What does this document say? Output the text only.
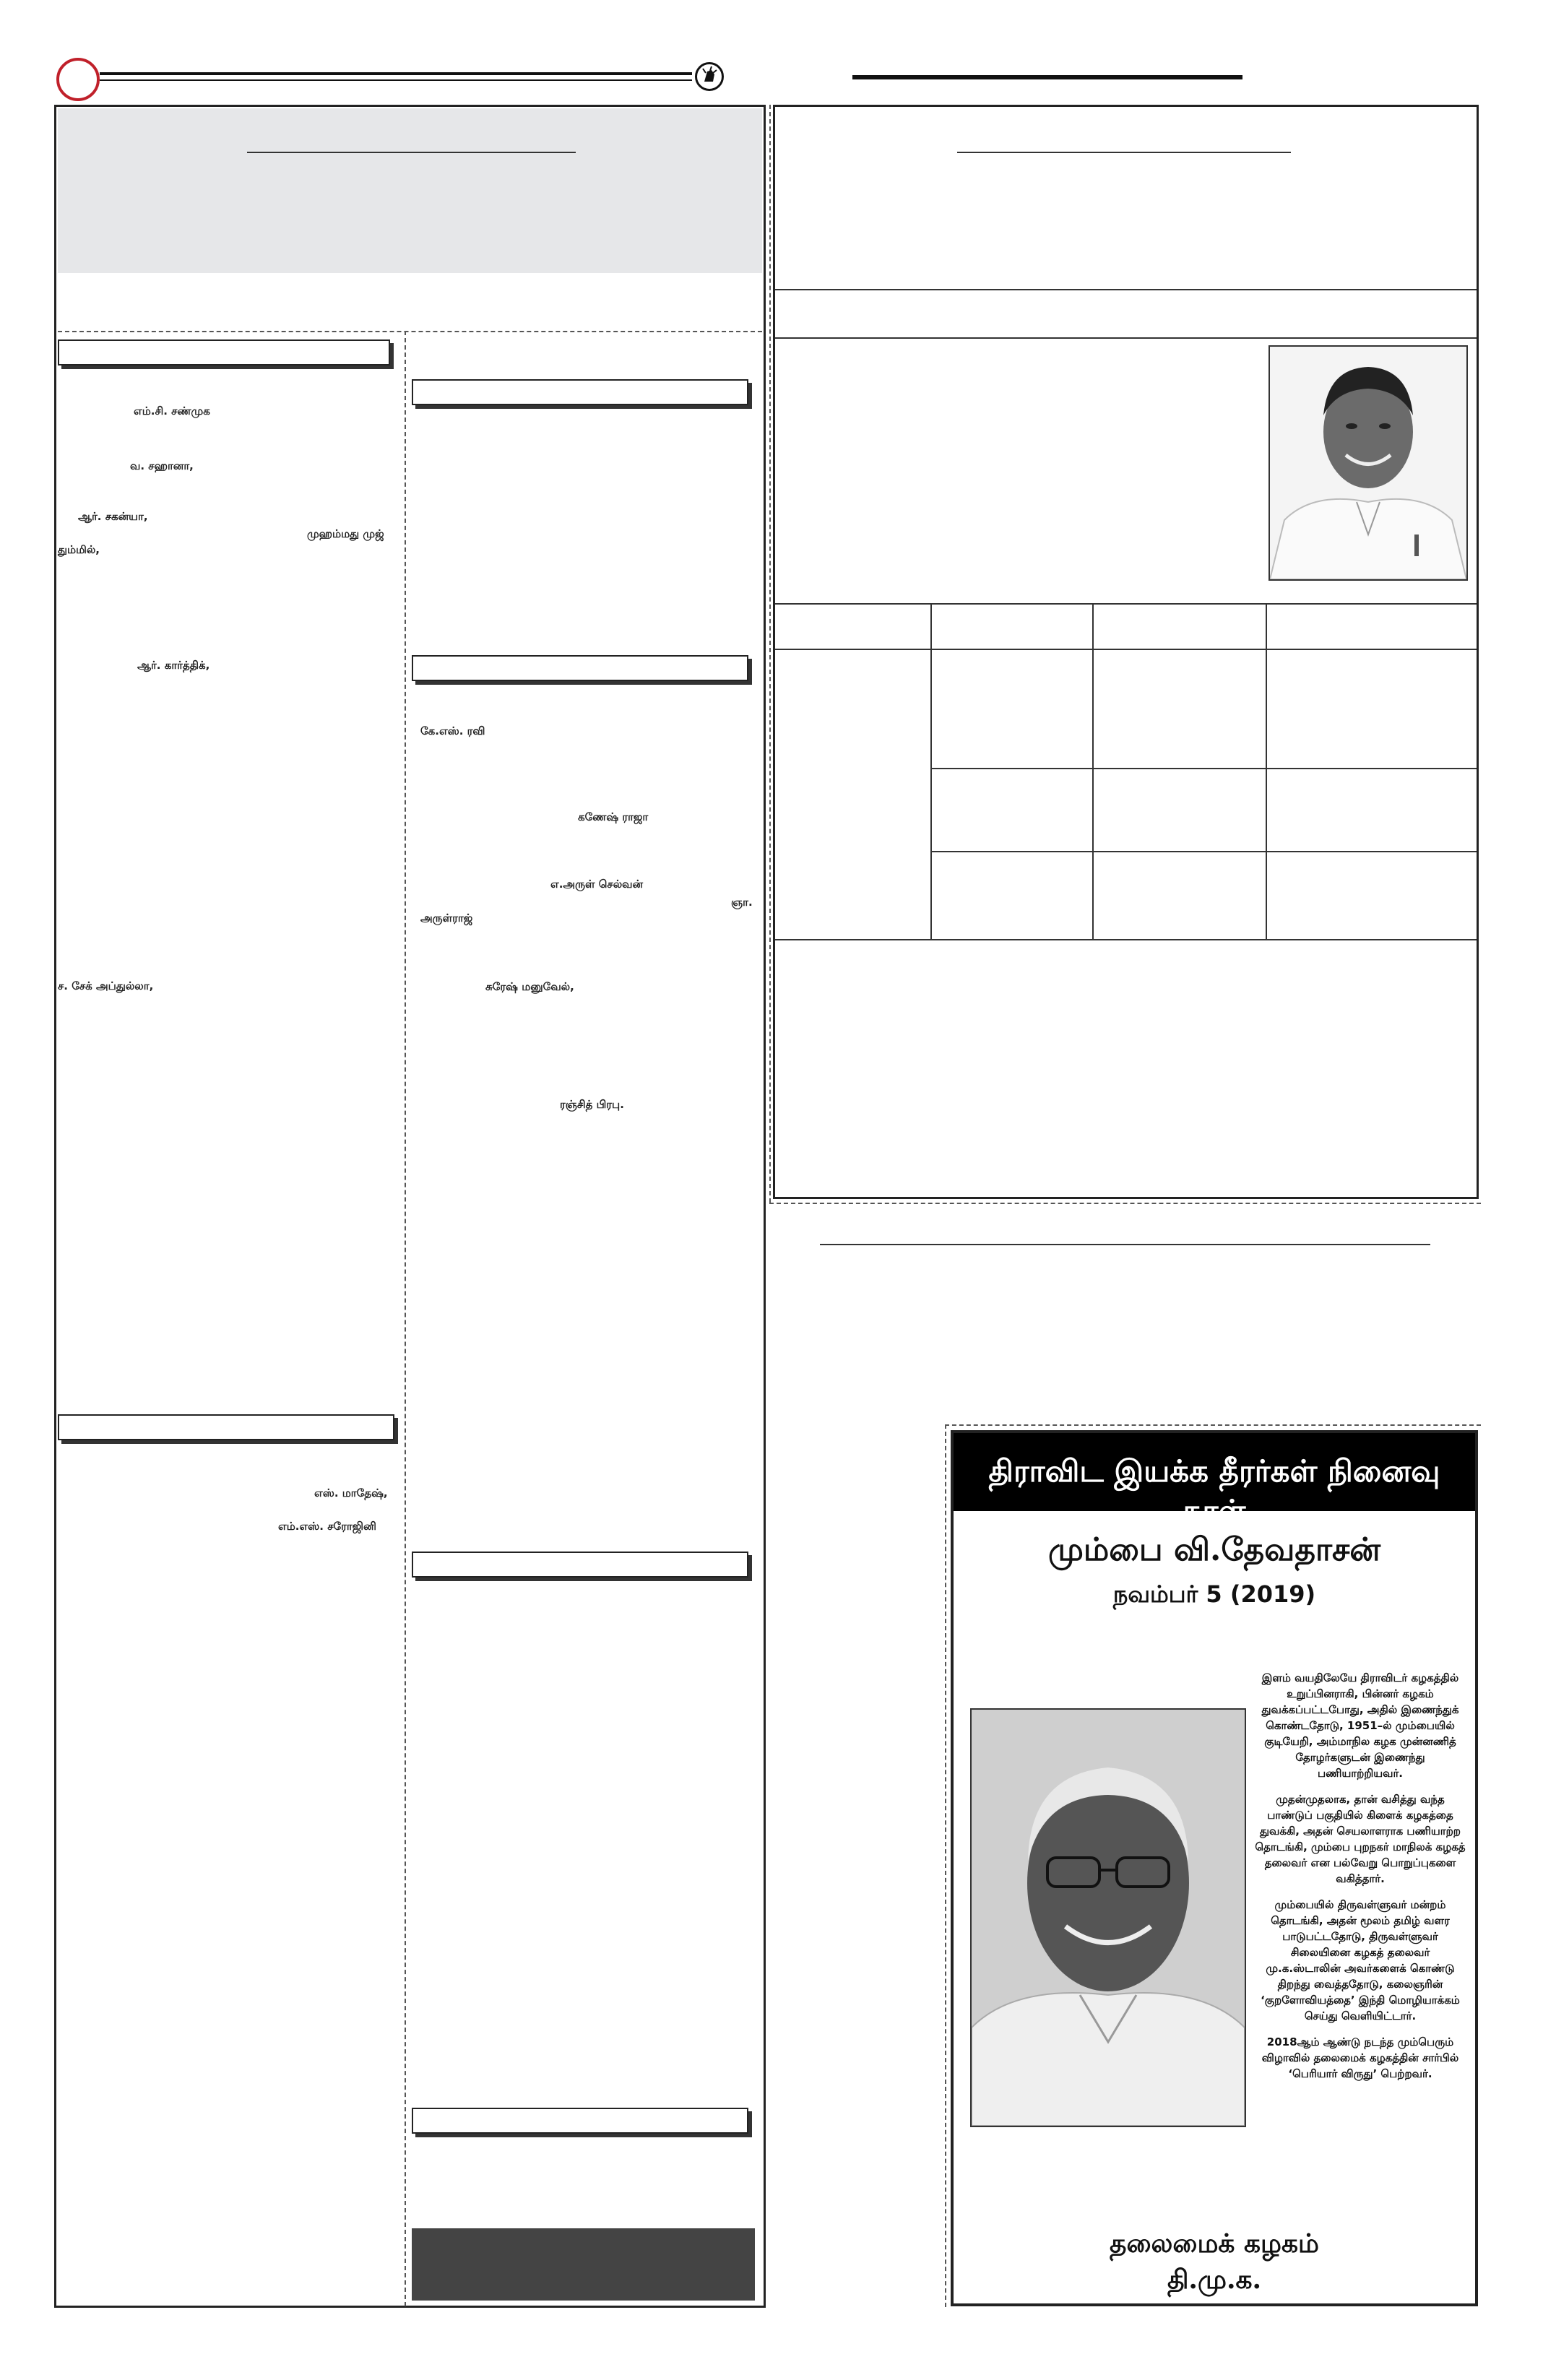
எம்.சி. சண்முக
வ. சஹானா,
ஆர். சகன்யா,
முஹம்மது முஜ்
தும்மில்,
ஆர். கார்த்திக்,
ச. சேக் அப்துல்லா,
எஸ். மாதேஷ்,
எம்.எஸ். சரோஜினி
கே.எஸ். ரவி
கணேஷ் ராஜா
எ.அருள் செல்வன்
ஞா.
அருள்ராஜ்
சுரேஷ் மனுவேல்,
ரஞ்சித் பிரபு.
திராவிட இயக்க தீரர்கள் நினைவு நாள்
மும்பை வி.தேவதாசன்
நவம்பர் 5 (2019)

இளம் வயதிலேயே திராவிடர் கழகத்தில் உறுப்பினராகி, பின்னர் கழகம் துவக்கப்பட்டபோது, அதில் இணைந்துக் கொண்டதோடு, 1951–ல் மும்பையில் குடியேறி, அம்மாநில கழக முன்னணித் தோழர்களுடன் இணைந்து பணியாற்றியவர்.

முதன்முதலாக, தான் வசித்து வந்த பாண்டுப் பகுதியில் கிளைக் கழகத்தை துவக்கி, அதன் செயலாளராக பணியாற்ற தொடங்கி, மும்பை புறநகர் மாநிலக் கழகத் தலைவர் என பல்வேறு பொறுப்புகளை வகித்தார்.

மும்பையில் திருவள்ளுவர் மன்றம் தொடங்கி, அதன் மூலம் தமிழ் வளர பாடுபட்டதோடு, திருவள்ளுவர் சிலையினை கழகத் தலைவர் மு.க.ஸ்டாலின் அவர்களைக் கொண்டு திறந்து வைத்ததோடு, கலைஞரின் ‘குறளோவியத்தை’ இந்தி மொழியாக்கம் செய்து வெளியிட்டார்.

2018ஆம் ஆண்டு நடந்த மும்பெரும் விழாவில் தலைமைக் கழகத்தின் சார்பில் ‘பெரியார் விருது’ பெற்றவர்.

தலைமைக் கழகம்
தி.மு.க.
